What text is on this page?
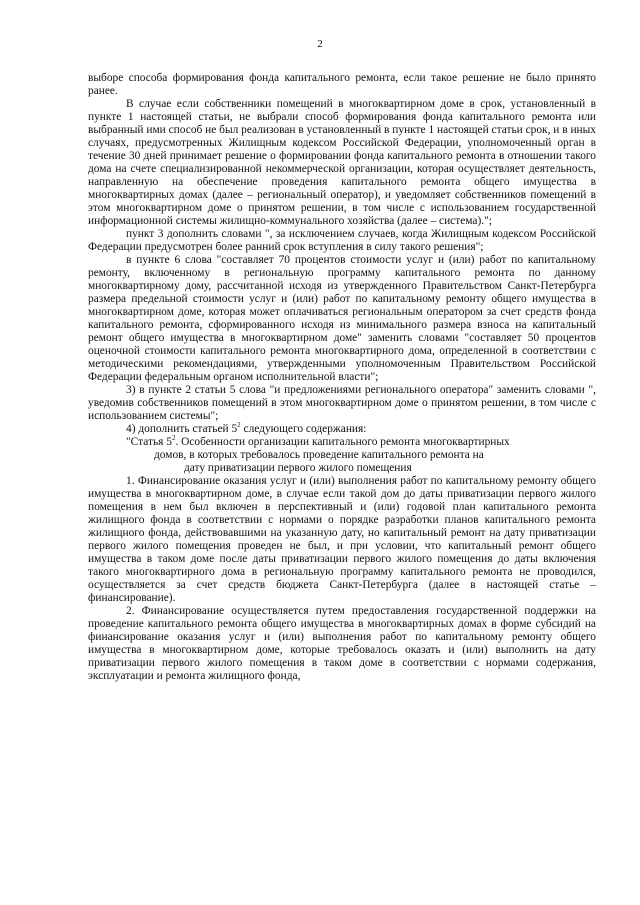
2

выборе способа формирования фонда капитального ремонта, если такое решение не было принято ранее.

В случае если собственники помещений в многоквартирном доме в срок, установленный в пункте 1 настоящей статьи, не выбрали способ формирования фонда капитального ремонта или выбранный ими способ не был реализован в установленный в пункте 1 настоящей статьи срок, и в иных случаях, предусмотренных Жилищным кодексом Российской Федерации, уполномоченный орган в течение 30 дней принимает решение о формировании фонда капитального ремонта в отношении такого дома на счете специализированной некоммерческой организации, которая осуществляет деятельность, направленную на обеспечение проведения капитального ремонта общего имущества в многоквартирных домах (далее – региональный оператор), и уведомляет собственников помещений в этом многоквартирном доме о принятом решении, в том числе с использованием государственной информационной системы жилищно-коммунального хозяйства (далее – система).";

пункт 3 дополнить словами ", за исключением случаев, когда Жилищным кодексом Российской Федерации предусмотрен более ранний срок вступления в силу такого решения";

в пункте 6 слова "составляет 70 процентов стоимости услуг и (или) работ по капитальному ремонту, включенному в региональную программу капитального ремонта по данному многоквартирному дому, рассчитанной исходя из утвержденного Правительством Санкт-Петербурга размера предельной стоимости услуг и (или) работ по капитальному ремонту общего имущества в многоквартирном доме, которая может оплачиваться региональным оператором за счет средств фонда капитального ремонта, сформированного исходя из минимального размера взноса на капитальный ремонт общего имущества в многоквартирном доме" заменить словами "составляет 50 процентов оценочной стоимости капитального ремонта многоквартирного дома, определенной в соответствии с методическими рекомендациями, утвержденными уполномоченным Правительством Российской Федерации федеральным органом исполнительной власти";

3) в пункте 2 статьи 5 слова "и предложениями регионального оператора" заменить словами ", уведомив собственников помещений в этом многоквартирном доме о принятом решении, в том числе с использованием системы";

4) дополнить статьей $5^2$ следующего содержания:

"Статья $5^2$. Особенности организации капитального ремонта многоквартирных
домов, в которых требовалось проведение капитального ремонта на
дату приватизации первого жилого помещения

1. Финансирование оказания услуг и (или) выполнения работ по капитальному ремонту общего имущества в многоквартирном доме, в случае если такой дом до даты приватизации первого жилого помещения в нем был включен в перспективный и (или) годовой план капитального ремонта жилищного фонда в соответствии с нормами о порядке разработки планов капитального ремонта жилищного фонда, действовавшими на указанную дату, но капитальный ремонт на дату приватизации первого жилого помещения проведен не был, и при условии, что капитальный ремонт общего имущества в таком доме после даты приватизации первого жилого помещения до даты включения такого многоквартирного дома в региональную программу капитального ремонта не проводился, осуществляется за счет средств бюджета Санкт-Петербурга (далее в настоящей статье – финансирование).

2. Финансирование осуществляется путем предоставления государственной поддержки на проведение капитального ремонта общего имущества в многоквартирных домах в форме субсидий на финансирование оказания услуг и (или) выполнения работ по капитальному ремонту общего имущества в многоквартирном доме, которые требовалось оказать и (или) выполнить на дату приватизации первого жилого помещения в таком доме в соответствии с нормами содержания, эксплуатации и ремонта жилищного фонда,
